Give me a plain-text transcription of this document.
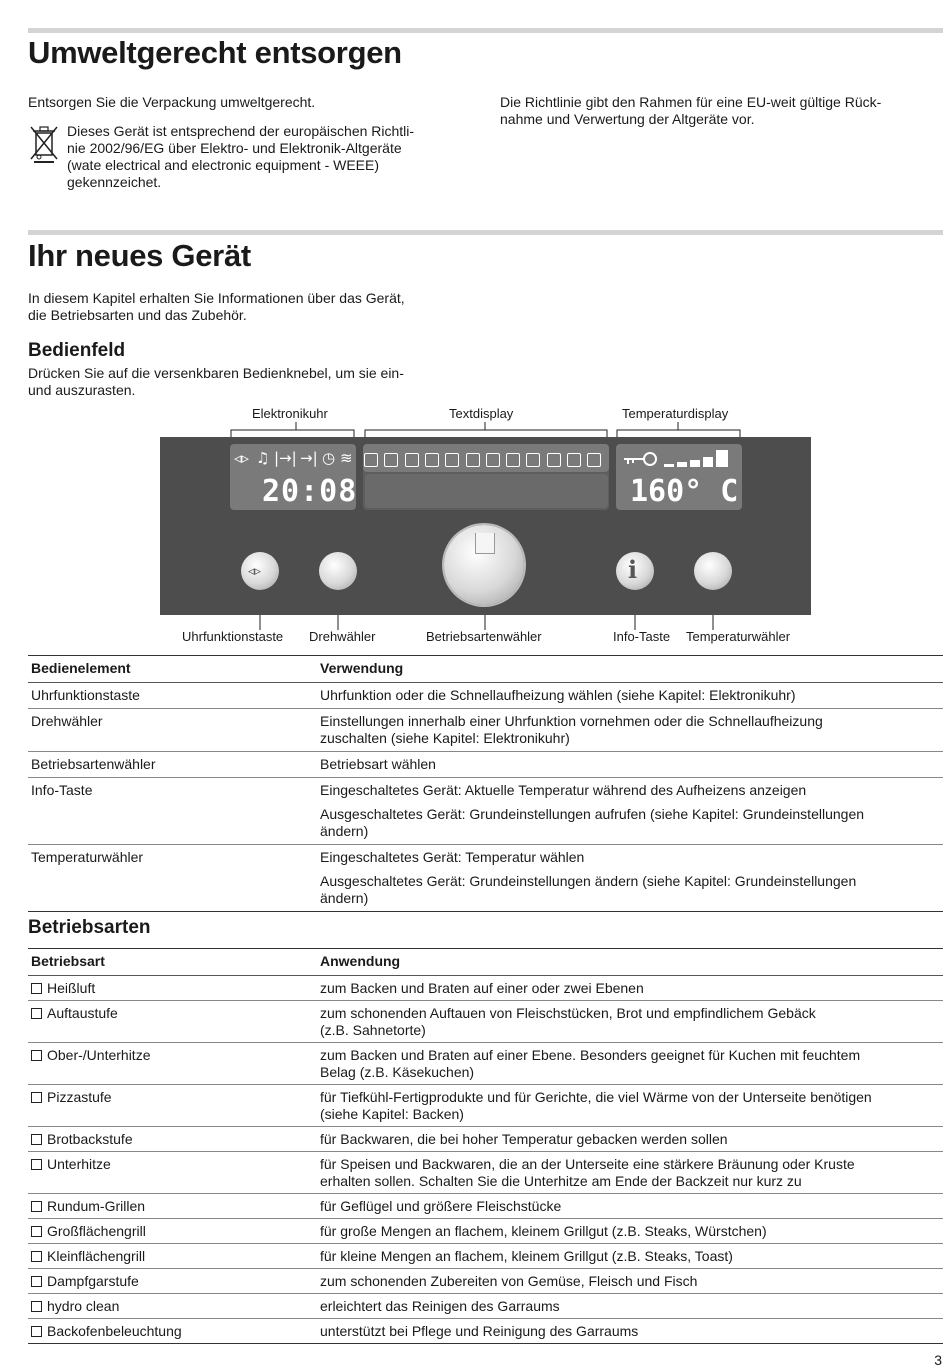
Umweltgerecht entsorgen
Entsorgen Sie die Verpackung umweltgerecht.
Dieses Gerät ist entsprechend der europäischen Richtli-
nie 2002/96/EG über Elektro- und Elektronik-Altgeräte
(wate electrical and electronic equipment - WEEE)
gekennzeichet.
Die Richtlinie gibt den Rahmen für eine EU-weit gültige Rück-
nahme und Verwertung der Altgeräte vor.
Ihr neues Gerät
In diesem Kapitel erhalten Sie Informationen über das Gerät,
die Betriebsarten und das Zubehör.
Bedienfeld
Drücken Sie auf die versenkbaren Bedienknebel, um sie ein-
und auszurasten.
Elektronikuhr	Textdisplay	Temperaturdisplay
◃▹ ♫ |→| →| ◷ ≋
20:08	160° C
◃▹	i
Uhrfunktionstaste Drehwähler	Betriebsartenwähler	Info-Taste Temperaturwähler
Bedienelement	Verwendung
Uhrfunktionstaste	Uhrfunktion oder die Schnellaufheizung wählen (siehe Kapitel: Elektronikuhr)

Drehwähler	Einstellungen innerhalb einer Uhrfunktion vornehmen oder die Schnellaufheizung
zuschalten (siehe Kapitel: Elektronikuhr)

Betriebsartenwähler	Betriebsart wählen

Info-Taste	Eingeschaltetes Gerät: Aktuelle Temperatur während des Aufheizens anzeigen
Ausgeschaltetes Gerät: Grundeinstellungen aufrufen (siehe Kapitel: Grundeinstellungen
ändern)

Temperaturwähler	Eingeschaltetes Gerät: Temperatur wählen
Ausgeschaltetes Gerät: Grundeinstellungen ändern (siehe Kapitel: Grundeinstellungen
ändern)
Betriebsarten
Betriebsart	Anwendung
Heißluft	zum Backen und Braten auf einer oder zwei Ebenen

Auftaustufe	zum schonenden Auftauen von Fleischstücken, Brot und empfindlichem Gebäck
(z.B. Sahnetorte)

Ober-/Unterhitze	zum Backen und Braten auf einer Ebene. Besonders geeignet für Kuchen mit feuchtem
Belag (z.B. Käsekuchen)

Pizzastufe	für Tiefkühl-Fertigprodukte und für Gerichte, die viel Wärme von der Unterseite benötigen
(siehe Kapitel: Backen)

Brotbackstufe	für Backwaren, die bei hoher Temperatur gebacken werden sollen

Unterhitze	für Speisen und Backwaren, die an der Unterseite eine stärkere Bräunung oder Kruste
erhalten sollen. Schalten Sie die Unterhitze am Ende der Backzeit nur kurz zu

Rundum-Grillen	für Geflügel und größere Fleischstücke

Großflächengrill	für große Mengen an flachem, kleinem Grillgut (z.B. Steaks, Würstchen)

Kleinflächengrill	für kleine Mengen an flachem, kleinem Grillgut (z.B. Steaks, Toast)

Dampfgarstufe	zum schonenden Zubereiten von Gemüse, Fleisch und Fisch

hydro clean	erleichtert das Reinigen des Garraums

Backofenbeleuchtung	unterstützt bei Pflege und Reinigung des Garraums
3
